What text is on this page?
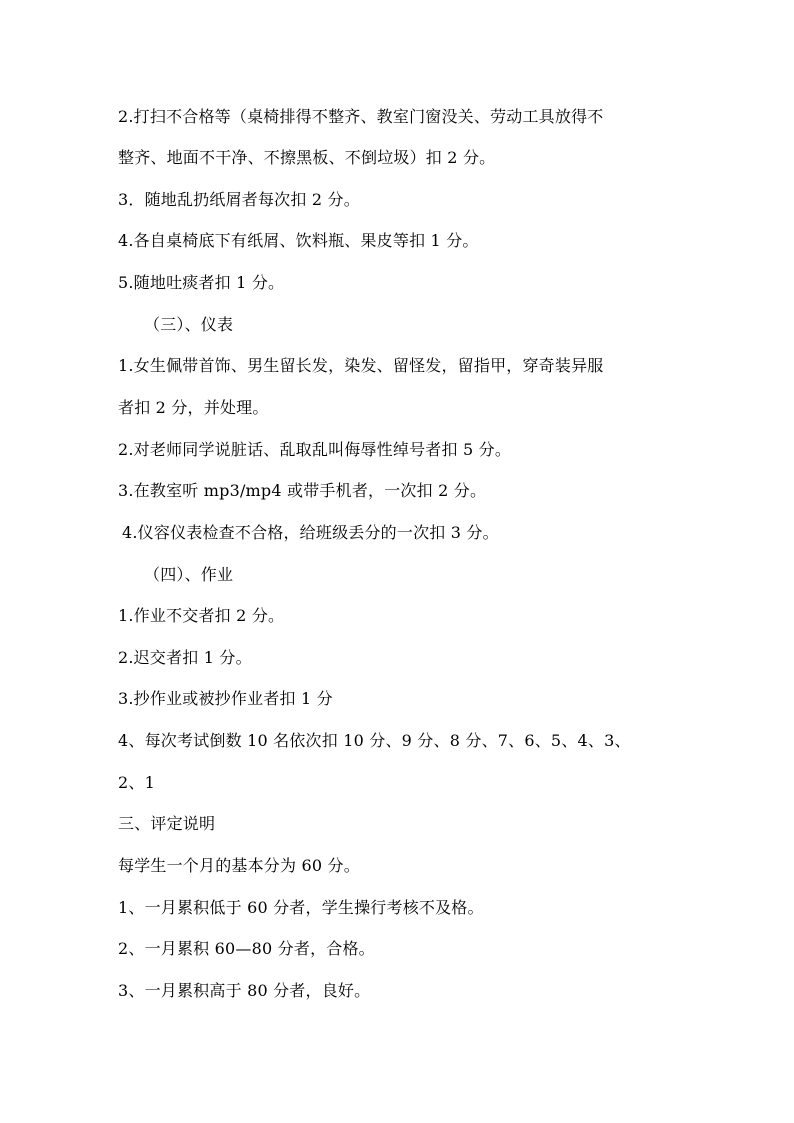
2.打扫不合格等（桌椅排得不整齐、教室门窗没关、劳动工具放得不
整齐、地面不干净、不擦黑板、不倒垃圾）扣 2 分。
3．随地乱扔纸屑者每次扣 2 分。
4.各自桌椅底下有纸屑、饮料瓶、果皮等扣 1 分。
5.随地吐痰者扣 1 分。
（三）、仪表
1.女生佩带首饰、男生留长发，染发、留怪发，留指甲，穿奇装异服
者扣 2 分，并处理。
2.对老师同学说脏话、乱取乱叫侮辱性绰号者扣 5 分。
3.在教室听 mp3/mp4 或带手机者，一次扣 2 分。
4.仪容仪表检查不合格，给班级丢分的一次扣 3 分。
（四）、作业
1.作业不交者扣 2 分。
2.迟交者扣 1 分。
3.抄作业或被抄作业者扣 1 分
4、每次考试倒数 10 名依次扣 10 分、9 分、8 分、7、6、5、4、3、
2、1
三、评定说明
每学生一个月的基本分为 60 分。
1、一月累积低于 60 分者，学生操行考核不及格。
2、一月累积 60—80 分者，合格。
3、一月累积高于 80 分者，良好。
